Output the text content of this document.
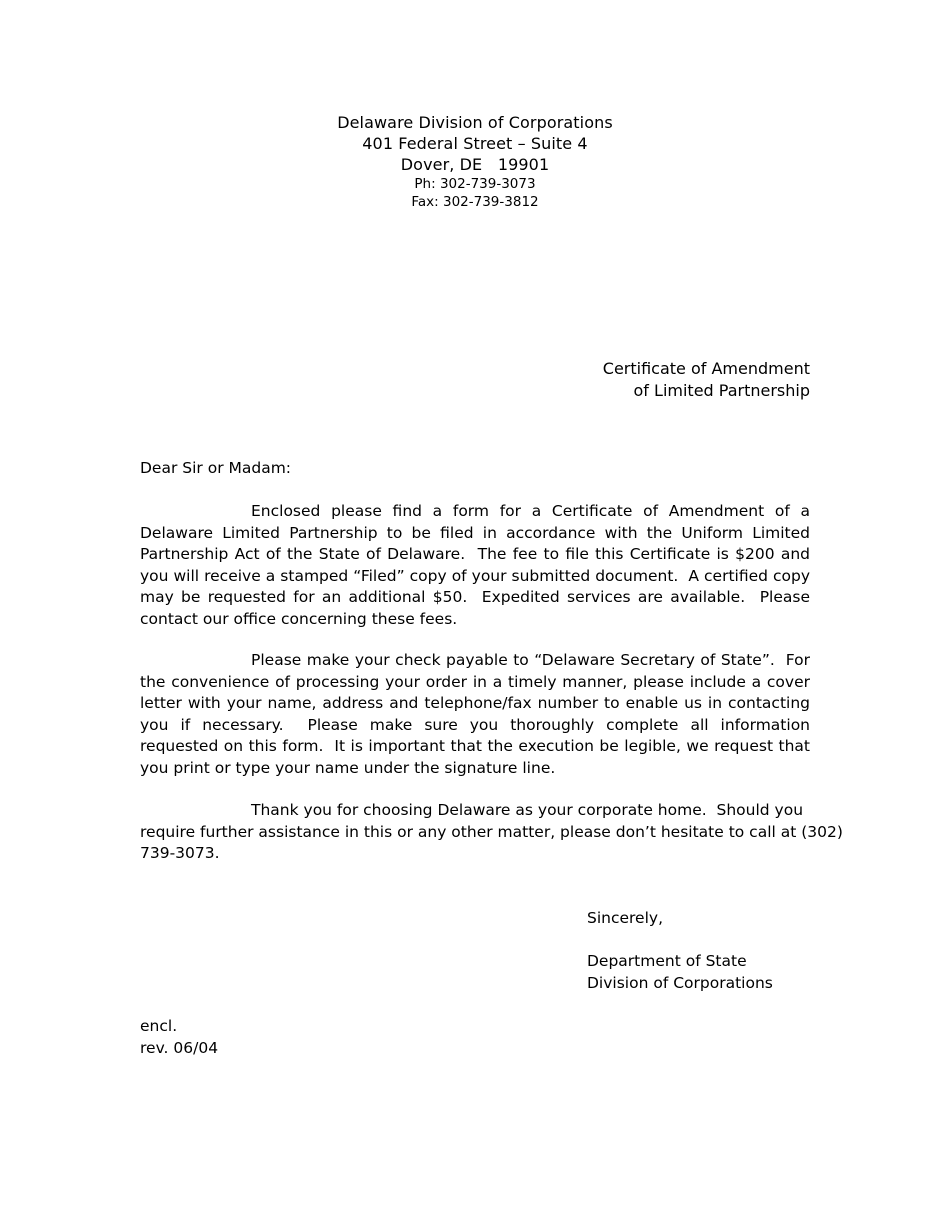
Delaware Division of Corporations
401 Federal Street – Suite 4
Dover, DE   19901
Ph: 302-739-3073
Fax: 302-739-3812
Certificate of Amendment
of Limited Partnership
Dear Sir or Madam:
Enclosed please find a form for a Certificate of Amendment of a Delaware Limited Partnership to be filed in accordance with the Uniform Limited Partnership Act of the State of Delaware.  The fee to file this Certificate is $200 and you will receive a stamped “Filed” copy of your submitted document.  A certified copy may be requested for an additional $50.  Expedited services are available.  Please contact our office concerning these fees.
Please make your check payable to “Delaware Secretary of State”.  For the convenience of processing your order in a timely manner, please include a cover letter with your name, address and telephone/fax number to enable us in contacting you if necessary.  Please make sure you thoroughly complete all information requested on this form.  It is important that the execution be legible, we request that you print or type your name under the signature line.
Thank you for choosing Delaware as your corporate home.  Should you require further assistance in this or any other matter, please don’t hesitate to call at (302) 739-3073.
Sincerely,
Department of State
Division of Corporations
encl.
rev. 06/04
